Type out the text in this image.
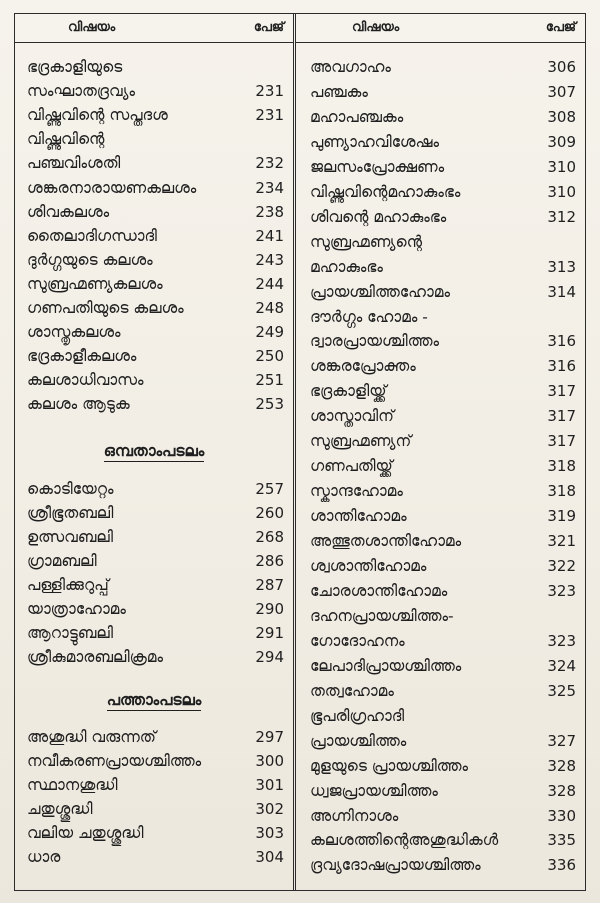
വിഷയം	പേജ്
ഭദ്രകാളിയുടെ
സംഘാതദ്രവ്യം	231
വിഷ്ണുവിന്റെ സപ്തദശ	231
വിഷ്ണുവിന്റെ
പഞ്ചവിംശതി	232
ശങ്കരനാരായണകലശം	234
ശിവകലശം	238
തൈലാദിഗന്ധാദി	241
ദുർഗ്ഗയുടെ കലശം	243
സുബ്രഹ്മണ്യകലശം	244
ഗണപതിയുടെ കലശം	248
ശാസ്തൃകലശം	249
ഭദ്രകാളീകലശം	250
കലശാധിവാസം	251
കലശം ആടുക	253
ഒമ്പതാംപടലം
കൊടിയേറ്റം	257
ശ്രീഭൂതബലി	260
ഉത്സവബലി	268
ഗ്രാമബലി	286
പള്ളിക്കുറുപ്പ്	287
യാത്രാഹോമം	290
ആറാട്ടുബലി	291
ശ്രീകുമാരബലിക്രമം	294
പത്താംപടലം
അശുദ്ധി വരുന്നത്	297
നവീകരണപ്രായശ്ചിത്തം	300
സ്ഥാനശുദ്ധി	301
ചതുശ്ശുദ്ധി	302
വലിയ ചതുശ്ശുദ്ധി	303
ധാര	304
വിഷയം	പേജ്
അവഗാഹം	306
പഞ്ചകം	307
മഹാപഞ്ചകം	308
പുണ്യാഹവിശേഷം	309
ജലസംപ്രോക്ഷണം	310
വിഷ്ണുവിന്റെമഹാകുംഭം	310
ശിവന്റെ മഹാകുംഭം	312
സുബ്രഹ്മണ്യന്റെ
മഹാകുംഭം	313
പ്രായശ്ചിത്തഹോമം	314
ദൗർഗ്ഗം ഹോമം -
ദ്വാരപ്രായശ്ചിത്തം	316
ശങ്കരപ്രോക്തം	316
ഭദ്രകാളിയ്ക്ക്	317
ശാസ്താവിന്	317
സുബ്രഹ്മണ്യന്	317
ഗണപതിയ്ക്ക്	318
സ്കാന്ദഹോമം	318
ശാന്തിഹോമം	319
അത്ഭുതശാന്തിഹോമം	321
ശ്വശാന്തിഹോമം	322
ചോരശാന്തിഹോമം	323
ദഹനപ്രായശ്ചിത്തം-
ഗോദോഹനം	323
ലേപാദിപ്രായശ്ചിത്തം	324
തത്വഹോമം	325
ഭൂപരിഗ്രഹാദി
പ്രായശ്ചിത്തം	327
മുളയുടെ പ്രായശ്ചിത്തം	328
ധ്വജപ്രായശ്ചിത്തം	328
അഗ്നിനാശം	330
കലശത്തിന്റെഅശുദ്ധികൾ	335
ദ്രവ്യദോഷപ്രായശ്ചിത്തം	336
